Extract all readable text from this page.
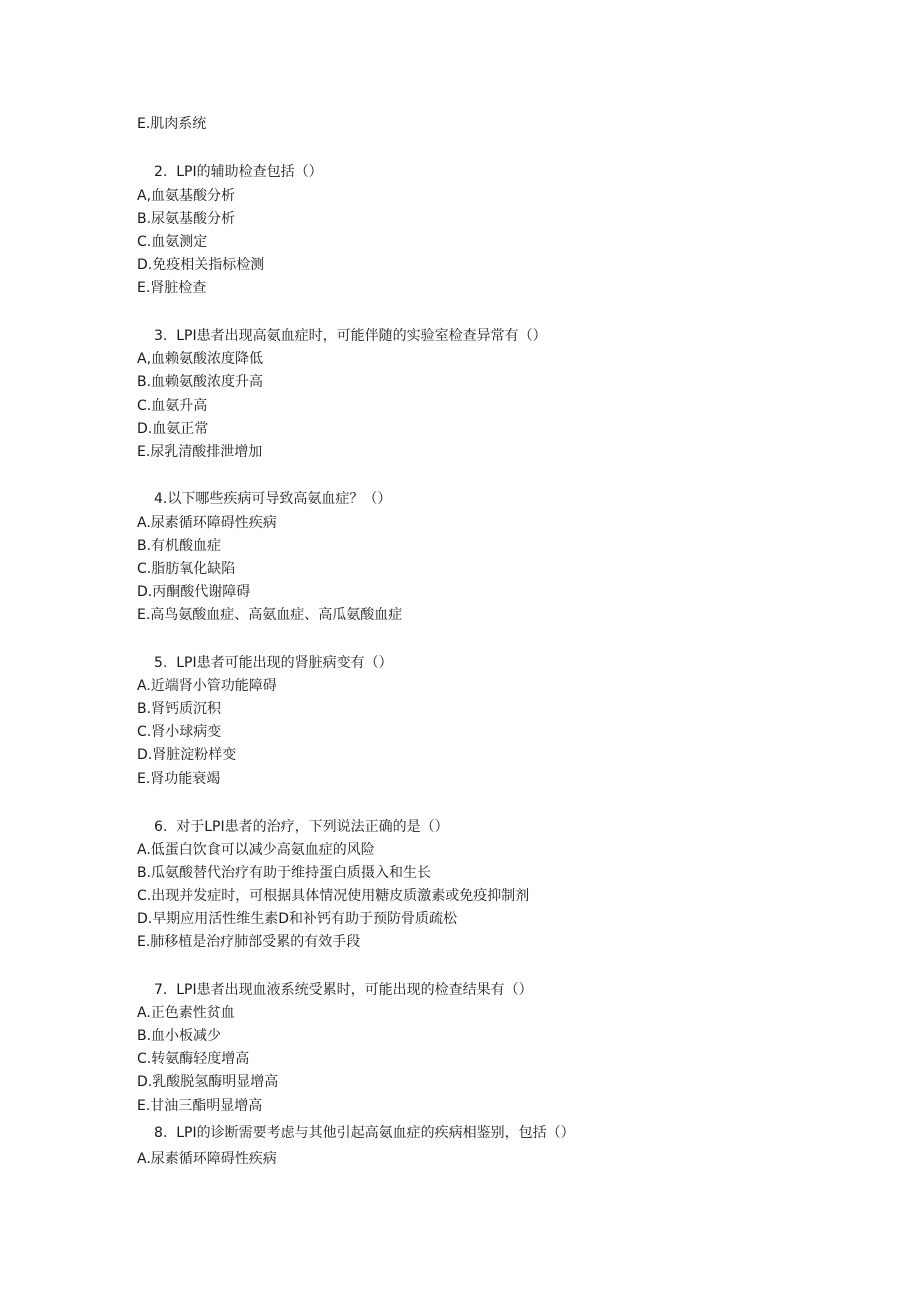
E.肌肉系统
2.  LPI的辅助检查包括（）
A,血氨基酸分析
B.尿氨基酸分析
C.血氨测定
D.免疫相关指标检测
E.肾脏检查
3.  LPI患者出现高氨血症时，可能伴随的实验室检查异常有（）
A,血赖氨酸浓度降低
B.血赖氨酸浓度升高
C.血氨升高
D.血氨正常
E.尿乳清酸排泄增加
4.以下哪些疾病可导致高氨血症？（）
A.尿素循环障碍性疾病
B.有机酸血症
C.脂肪氧化缺陷
D.丙酮酸代谢障碍
E.高鸟氨酸血症、高氨血症、高瓜氨酸血症
5.  LPI患者可能出现的肾脏病变有（）
A.近端肾小管功能障碍
B.肾钙质沉积
C.肾小球病变
D.肾脏淀粉样变
E.肾功能衰竭
6.  对于LPI患者的治疗，下列说法正确的是（）
A.低蛋白饮食可以减少高氨血症的风险
B.瓜氨酸替代治疗有助于维持蛋白质摄入和生长
C.出现并发症时，可根据具体情况使用糖皮质激素或免疫抑制剂
D.早期应用活性维生素D和补钙有助于预防骨质疏松
E.肺移植是治疗肺部受累的有效手段
7.  LPI患者出现血液系统受累时，可能出现的检查结果有（）
A.正色素性贫血
B.血小板减少
C.转氨酶轻度增高
D.乳酸脱氢酶明显增高
E.甘油三酯明显增高
8.  LPI的诊断需要考虑与其他引起高氨血症的疾病相鉴别，包括（）
A.尿素循环障碍性疾病
